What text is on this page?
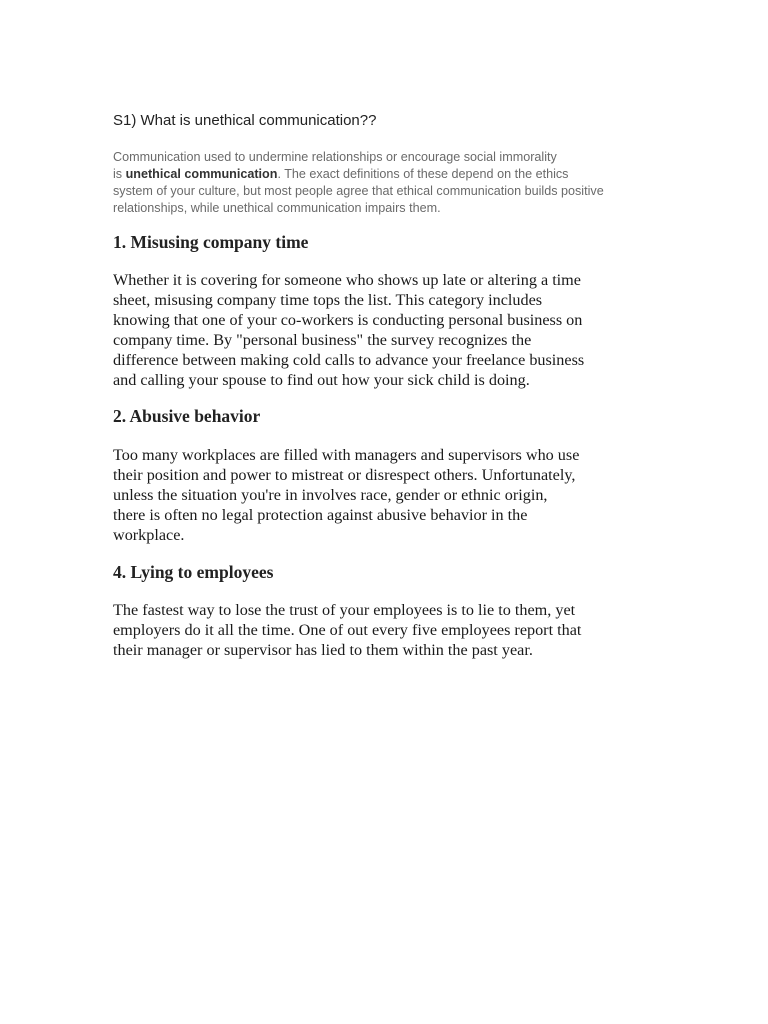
S1) What is unethical communication??

Communication used to undermine relationships or encourage social immorality
is unethical communication. The exact definitions of these depend on the ethics
system of your culture, but most people agree that ethical communication builds positive
relationships, while unethical communication impairs them.

1. Misusing company time

Whether it is covering for someone who shows up late or altering a time
sheet, misusing company time tops the list. This category includes
knowing that one of your co-workers is conducting personal business on
company time. By "personal business" the survey recognizes the
difference between making cold calls to advance your freelance business
and calling your spouse to find out how your sick child is doing.

2. Abusive behavior

Too many workplaces are filled with managers and supervisors who use
their position and power to mistreat or disrespect others. Unfortunately,
unless the situation you're in involves race, gender or ethnic origin,
there is often no legal protection against abusive behavior in the
workplace.

4. Lying to employees

The fastest way to lose the trust of your employees is to lie to them, yet
employers do it all the time. One of out every five employees report that
their manager or supervisor has lied to them within the past year.
